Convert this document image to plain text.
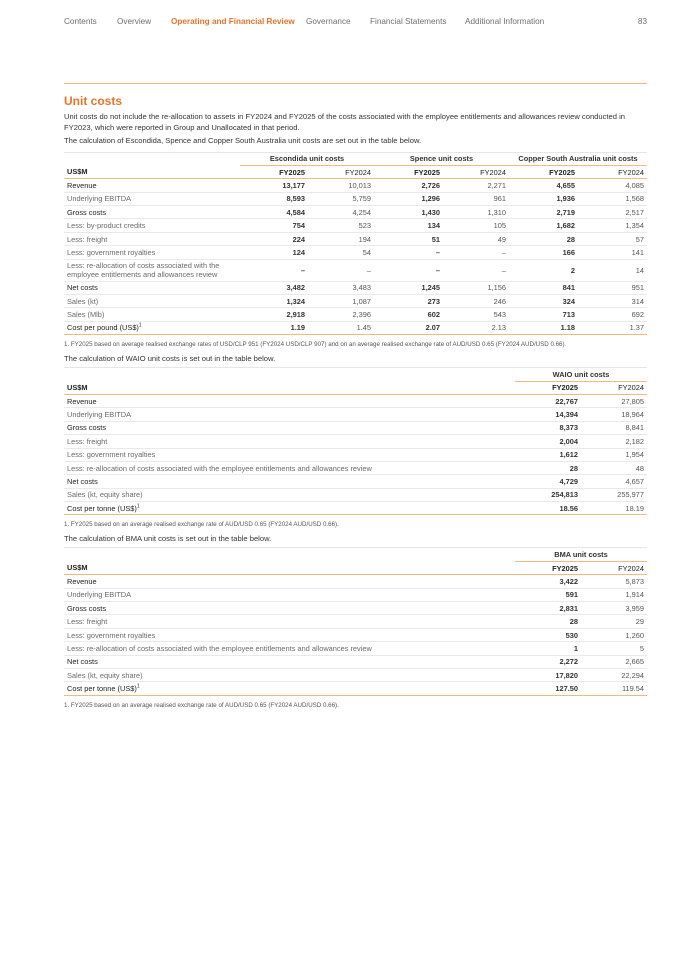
Contents Overview Operating and Financial Review Governance Financial Statements Additional Information	83
Unit costs

Unit costs do not include the re-allocation to assets in FY2024 and FY2025 of the costs associated with the employee entitlements and allowances review conducted in FY2023, which were reported in Group and Unallocated in that period.

The calculation of Escondida, Spence and Copper South Australia unit costs are set out in the table below.

	Escondida unit costs		Spence unit costs		Copper South Australia unit costs	
US$M	FY2025	FY2024	FY2025	FY2024	FY2025	FY2024
Revenue	13,177	10,013	2,726	2,271	4,655	4,085
Underlying EBITDA	8,593	5,759	1,296	961	1,936	1,568
Gross costs	4,584	4,254	1,430	1,310	2,719	2,517
Less: by-product credits	754	523	134	105	1,682	1,354
Less: freight	224	194	51	49	28	57
Less: government royalties	124	54	–	–	166	141
Less: re-allocation of costs associated with the employee entitlements and allowances review	–	–	–	–	2	14
Net costs	3,482	3,483	1,245	1,156	841	951
Sales (kt)	1,324	1,087	273	246	324	314
Sales (Mlb)	2,918	2,396	602	543	713	692
Cost per pound (US$)$^1$	1.19	1.45	2.07	2.13	1.18	1.37

1. FY2025 based on average realised exchange rates of USD/CLP 951 (FY2024 USD/CLP 907) and on an average realised exchange rate of AUD/USD 0.65 (FY2024 AUD/USD 0.66).

The calculation of WAIO unit costs is set out in the table below.

	WAIO unit costs	
US$M	FY2025	FY2024
Revenue	22,767	27,805
Underlying EBITDA	14,394	18,964
Gross costs	8,373	8,841
Less: freight	2,004	2,182
Less: government royalties	1,612	1,954
Less: re-allocation of costs associated with the employee entitlements and allowances review	28	48
Net costs	4,729	4,657
Sales (kt, equity share)	254,813	255,977
Cost per tonne (US$)$^1$	18.56	18.19

1. FY2025 based on an average realised exchange rate of AUD/USD 0.65 (FY2024 AUD/USD 0.66).

The calculation of BMA unit costs is set out in the table below.

	BMA unit costs	
US$M	FY2025	FY2024
Revenue	3,422	5,873
Underlying EBITDA	591	1,914
Gross costs	2,831	3,959
Less: freight	28	29
Less: government royalties	530	1,260
Less: re-allocation of costs associated with the employee entitlements and allowances review	1	5
Net costs	2,272	2,665
Sales (kt, equity share)	17,820	22,294
Cost per tonne (US$)$^1$	127.50	119.54

1. FY2025 based on an average realised exchange rate of AUD/USD 0.65 (FY2024 AUD/USD 0.66).
